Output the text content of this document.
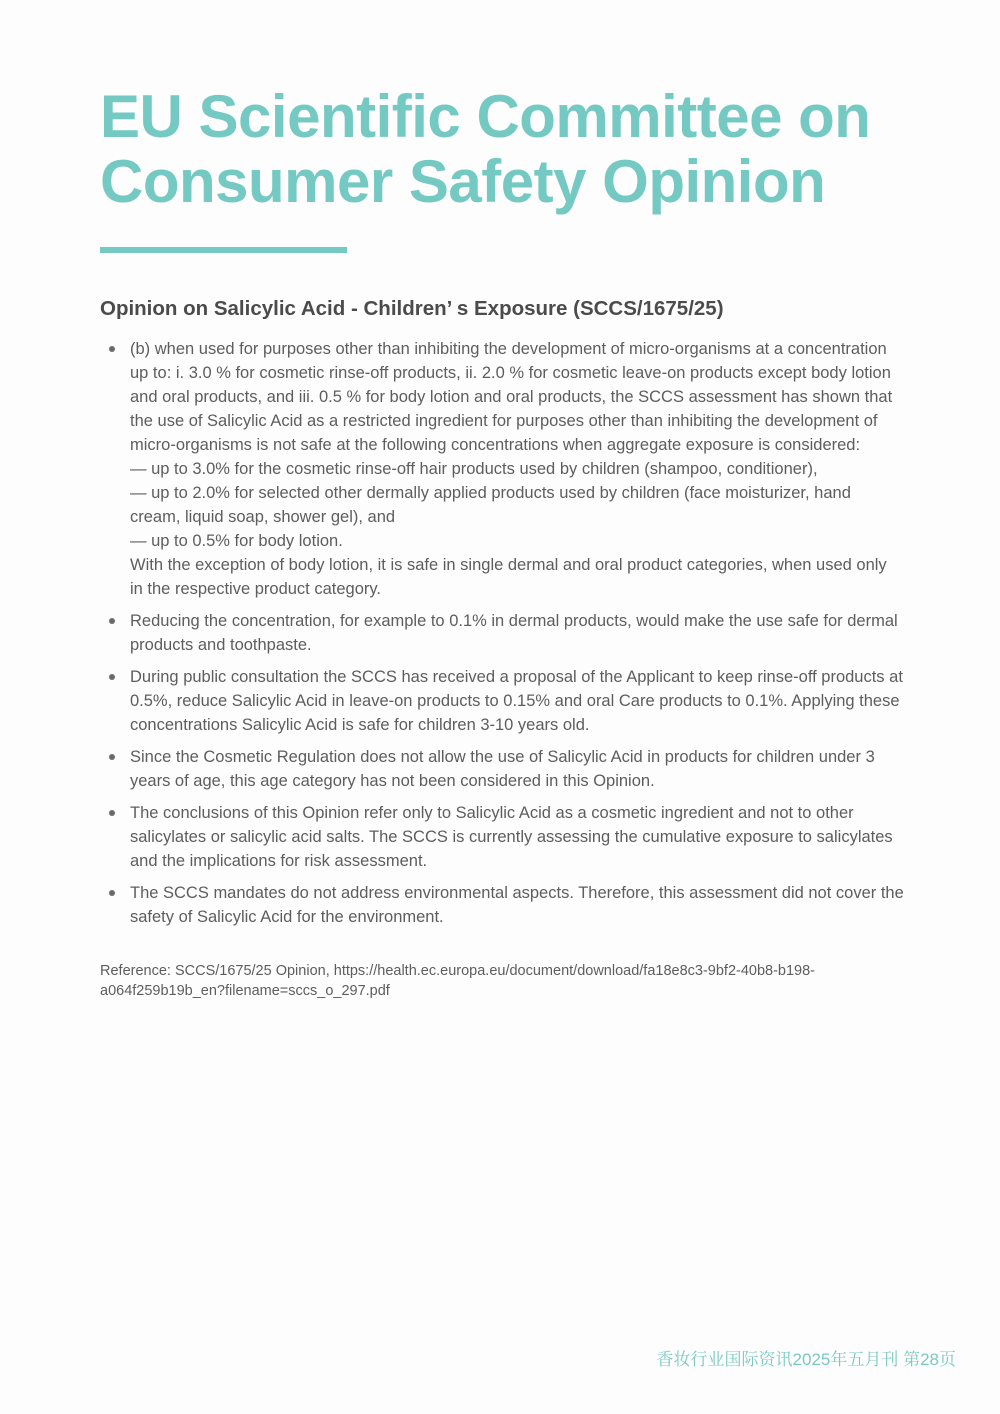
EU Scientific Committee on
Consumer Safety Opinion
Opinion on Salicylic Acid - Children’ s Exposure (SCCS/1675/25)
(b) when used for purposes other than inhibiting the development of micro-organisms at a concentration up to: i. 3.0 % for cosmetic rinse-off products, ii. 2.0 % for cosmetic leave-on products except body lotion and oral products, and iii. 0.5 % for body lotion and oral products, the SCCS assessment has shown that the use of Salicylic Acid as a restricted ingredient for purposes other than inhibiting the development of micro-organisms is not safe at the following concentrations when aggregate exposure is considered:
— up to 3.0% for the cosmetic rinse-off hair products used by children (shampoo, conditioner),
— up to 2.0% for selected other dermally applied products used by children (face moisturizer, hand cream, liquid soap, shower gel), and
— up to 0.5% for body lotion.
With the exception of body lotion, it is safe in single dermal and oral product categories, when used only in the respective product category.
Reducing the concentration, for example to 0.1% in dermal products, would make the use safe for dermal products and toothpaste.
During public consultation the SCCS has received a proposal of the Applicant to keep rinse-off products at 0.5%, reduce Salicylic Acid in leave-on products to 0.15% and oral Care products to 0.1%. Applying these concentrations Salicylic Acid is safe for children 3-10 years old.
Since the Cosmetic Regulation does not allow the use of Salicylic Acid in products for children under 3 years of age, this age category has not been considered in this Opinion.
The conclusions of this Opinion refer only to Salicylic Acid as a cosmetic ingredient and not to other salicylates or salicylic acid salts. The SCCS is currently assessing the cumulative exposure to salicylates and the implications for risk assessment.
The SCCS mandates do not address environmental aspects. Therefore, this assessment did not cover the safety of Salicylic Acid for the environment.
Reference: SCCS/1675/25 Opinion, https://health.ec.europa.eu/document/download/fa18e8c3-9bf2-40b8-b198-
a064f259b19b_en?filename=sccs_o_297.pdf
香妆行业国际资讯2025年五月刊 第28页
